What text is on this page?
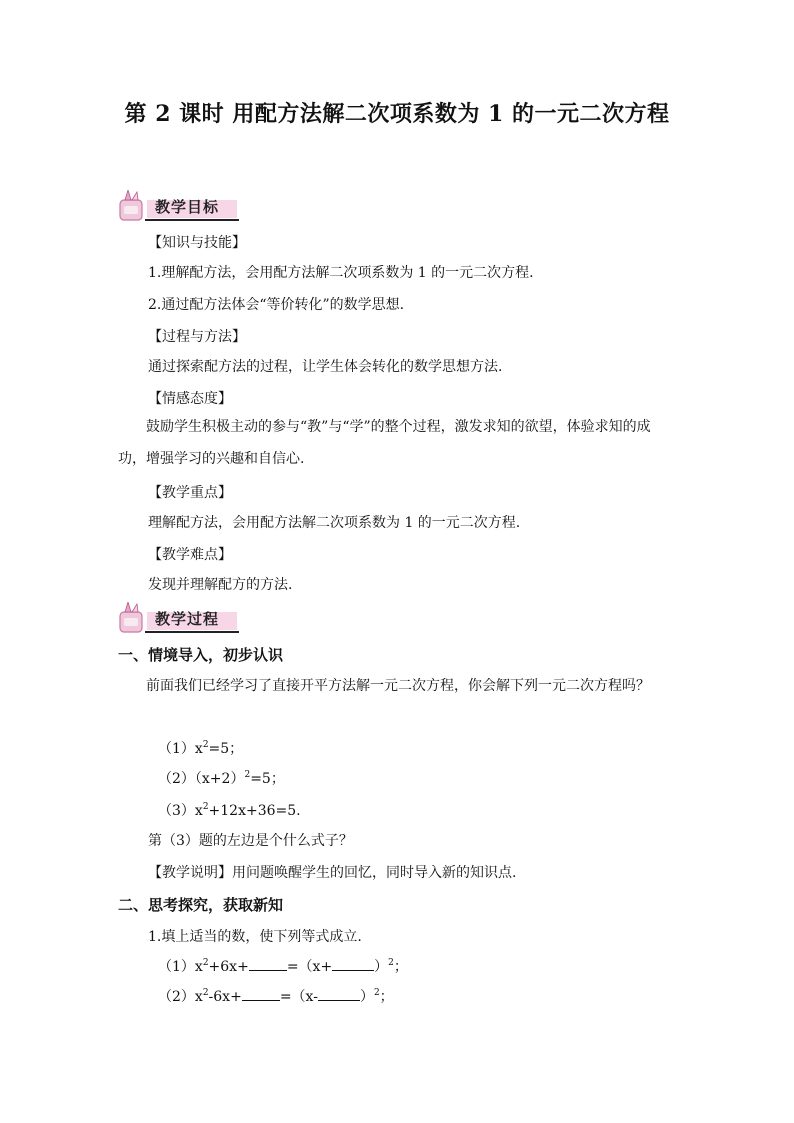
第 2 课时 用配方法解二次项系数为 1 的一元二次方程
教学目标
【知识与技能】
1.理解配方法，会用配方法解二次项系数为 1 的一元二次方程.
2.通过配方法体会“等价转化”的数学思想.
【过程与方法】
通过探索配方法的过程，让学生体会转化的数学思想方法.
【情感态度】
鼓励学生积极主动的参与“教”与“学”的整个过程，激发求知的欲望，体验求知的成功，增强学习的兴趣和自信心.
【教学重点】
理解配方法，会用配方法解二次项系数为 1 的一元二次方程.
【教学难点】
发现并理解配方的方法.
教学过程
一、情境导入，初步认识
前面我们已经学习了直接开平方法解一元二次方程，你会解下列一元二次方程吗？
$(1)x^2=5$；
$(2)(x+2)^2=5$；
$(3)x^2+12x+36=5$.
第（3）题的左边是个什么式子？
【教学说明】用问题唤醒学生的回忆，同时导入新的知识点.
二、思考探究，获取新知
1.填上适当的数，使下列等式成立.
$(1)x^2+6x+$	=（x+	）$^2$；
$(2)x^2-6x+$	=（x-	）$^2$；
